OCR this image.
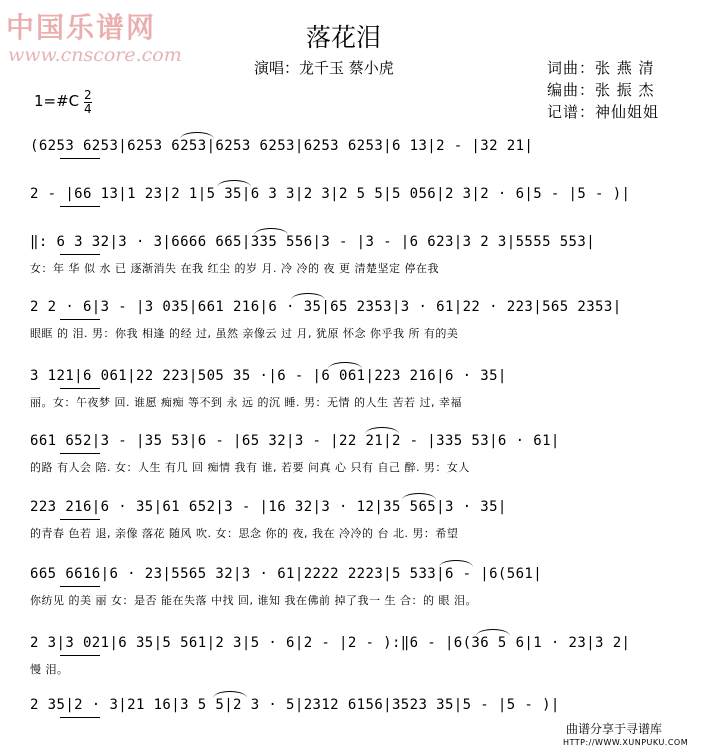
中国乐谱网
www.cnscore.com
落花泪
演唱：龙千玉 蔡小虎	词曲：张 燕 清
编曲：张 振 杰
记谱：神仙姐姐
1=#C 2
4
(6253 6253|6253 6253|6253 6253|6253 6253|6 13|2 - |32 21|
2 - |66 13|1 23|2 1|5 35|6 3 3|2 3|2 5 5|5 056|2 3|2 · 6|5 - |5 - )|
‖: 6 3 32|3 · 3|6666 665|335 556|3 - |3 - |6 623|3 2 3|5555 553|
女：年 华 似 水 已 逐渐消失 在我 红尘 的岁 月. 冷 冷的 夜 更 清楚坚定 停在我
2 2 · 6|3 - |3 035|661 216|6 · 35|65 2353|3 · 61|22 · 223|565 2353|
眼眶 的 泪. 男：你我 相逢 的经 过, 虽然 亲像云 过 月, 犹原 怀念 你乎我 所 有的美
3 121|6 061|22 223|505 35 ·|6 - |6 061|223 216|6 · 35|
丽。女：午夜梦 回. 谁愿 痴痴 等不到 永 远 的沉 睡. 男：无情 的人生 苦若 过, 幸福
661 652|3 - |35 53|6 - |65 32|3 - |22 21|2 - |335 53|6 · 61|
的路 有人会 陪. 女：人生 有几 回 痴情 我有 谁, 若要 问真 心 只有 自己 醉. 男：女人
223 216|6 · 35|61 652|3 - |16 32|3 · 12|35 565|3 · 35|
的青春 色若 退, 亲像 落花 随风 吹. 女：思念 你的 夜, 我在 冷冷的 台 北. 男：希望
665 6616|6 · 23|5565 32|3 · 61|2222 2223|5 533|6 - |6(561|
你纺见 的美 丽 女：是否 能在失落 中找 回, 谁知 我在佛前 掉了我一 生 合：的 眼 泪。
2 3|3 021|6 35|5 561|2 3|5 · 6|2 - |2 - ):‖6 - |6(36 5 6|1 · 23|3 2|
慢 泪。
2 35|2 · 3|21 16|3 5 5|2 3 · 5|2312 6156|3523 35|5 - |5 - )|
曲谱分享于寻谱库
HTTP://WWW.XUNPUKU.COM
